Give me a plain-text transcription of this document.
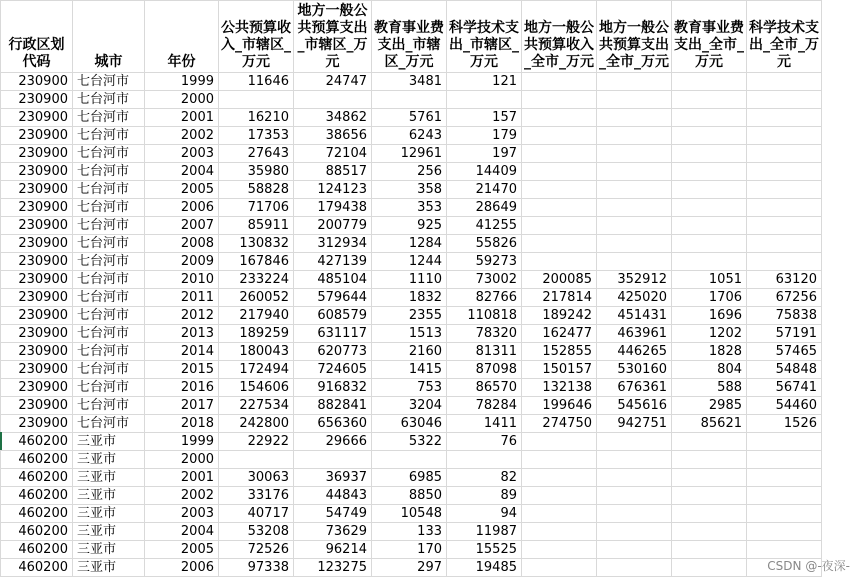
行政区划代码	城市	年份	公共预算收入_市辖区_万元	地方一般公共预算支出_市辖区_万元	教育事业费支出_市辖区_万元	科学技术支出_市辖区_万元	地方一般公共预算收入_全市_万元	地方一般公共预算支出_全市_万元	教育事业费支出_全市_万元	科学技术支出_全市_万元
230900	七台河市	1999	11646	24747	3481	121				
230900	七台河市	2000								
230900	七台河市	2001	16210	34862	5761	157				
230900	七台河市	2002	17353	38656	6243	179				
230900	七台河市	2003	27643	72104	12961	197				
230900	七台河市	2004	35980	88517	256	14409				
230900	七台河市	2005	58828	124123	358	21470				
230900	七台河市	2006	71706	179438	353	28649				
230900	七台河市	2007	85911	200779	925	41255				
230900	七台河市	2008	130832	312934	1284	55826				
230900	七台河市	2009	167846	427139	1244	59273				
230900	七台河市	2010	233224	485104	1110	73002	200085	352912	1051	63120
230900	七台河市	2011	260052	579644	1832	82766	217814	425020	1706	67256
230900	七台河市	2012	217940	608579	2355	110818	189242	451431	1696	75838
230900	七台河市	2013	189259	631117	1513	78320	162477	463961	1202	57191
230900	七台河市	2014	180043	620773	2160	81311	152855	446265	1828	57465
230900	七台河市	2015	172494	724605	1415	87098	150157	530160	804	54848
230900	七台河市	2016	154606	916832	753	86570	132138	676361	588	56741
230900	七台河市	2017	227534	882841	3204	78284	199646	545616	2985	54460
230900	七台河市	2018	242800	656360	63046	1411	274750	942751	85621	1526
460200	三亚市	1999	22922	29666	5322	76				
460200	三亚市	2000								
460200	三亚市	2001	30063	36937	6985	82				
460200	三亚市	2002	33176	44843	8850	89				
460200	三亚市	2003	40717	54749	10548	94				
460200	三亚市	2004	53208	73629	133	11987				
460200	三亚市	2005	72526	96214	170	15525				
460200	三亚市	2006	97338	123275	297	19485					CSDN @-夜深-
